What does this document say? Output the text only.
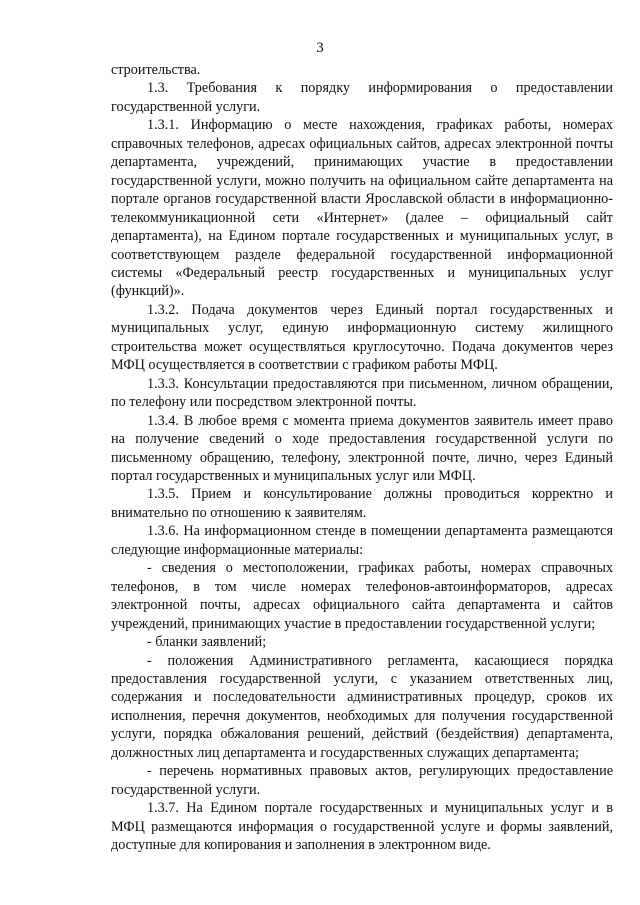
3

строительства.

1.3. Требования к порядку информирования о предоставлении государственной услуги.

1.3.1. Информацию о месте нахождения, графиках работы, номерах справочных телефонов, адресах официальных сайтов, адресах электронной почты департамента, учреждений, принимающих участие в предоставлении государственной услуги, можно получить на официальном сайте департамента на портале органов государственной власти Ярославской области в информационно-телекоммуникационной сети «Интернет» (далее – официальный сайт департамента), на Едином портале государственных и муниципальных услуг, в соответствующем разделе федеральной государственной информационной системы «Федеральный реестр государственных и муниципальных услуг (функций)».

1.3.2. Подача документов через Единый портал государственных и муниципальных услуг, единую информационную систему жилищного строительства может осуществляться круглосуточно. Подача документов через МФЦ осуществляется в соответствии с графиком работы МФЦ.

1.3.3. Консультации предоставляются при письменном, личном обращении, по телефону или посредством электронной почты.

1.3.4. В любое время с момента приема документов заявитель имеет право на получение сведений о ходе предоставления государственной услуги по письменному обращению, телефону, электронной почте, лично, через Единый портал государственных и муниципальных услуг или МФЦ.

1.3.5. Прием и консультирование должны проводиться корректно и внимательно по отношению к заявителям.

1.3.6. На информационном стенде в помещении департамента размещаются следующие информационные материалы:

- сведения о местоположении, графиках работы, номерах справочных телефонов, в том числе номерах телефонов-автоинформаторов, адресах электронной почты, адресах официального сайта департамента и сайтов учреждений, принимающих участие в предоставлении государственной услуги;

- бланки заявлений;

- положения Административного регламента, касающиеся порядка предоставления государственной услуги, с указанием ответственных лиц, содержания и последовательности административных процедур, сроков их исполнения, перечня документов, необходимых для получения государственной услуги, порядка обжалования решений, действий (бездействия) департамента, должностных лиц департамента и государственных служащих департамента;

- перечень нормативных правовых актов, регулирующих предоставление государственной услуги.

1.3.7. На Едином портале государственных и муниципальных услуг и в МФЦ размещаются информация о государственной услуге и формы заявлений, доступные для копирования и заполнения в электронном виде.
